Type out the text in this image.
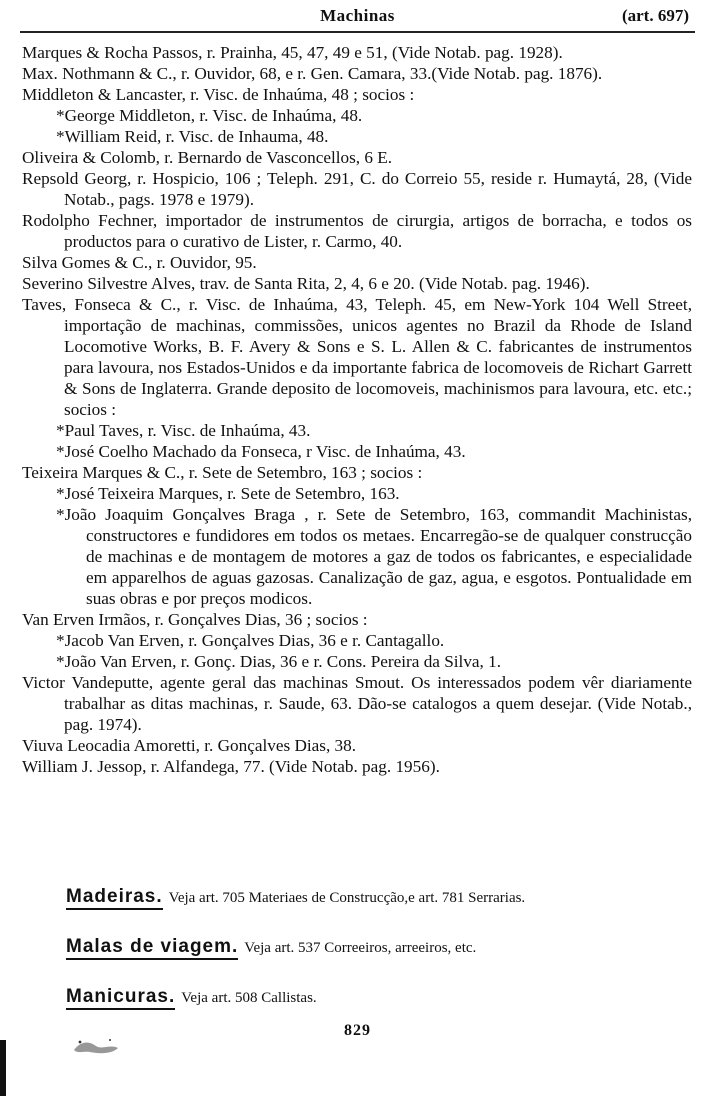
Machinas	(art. 697)

Marques & Rocha Passos, r. Prainha, 45, 47, 49 e 51, (Vide Notab. pag. 1928).

Max. Nothmann & C., r. Ouvidor, 68, e r. Gen. Camara, 33.(Vide Notab. pag. 1876).

Middleton & Lancaster, r. Visc. de Inhaúma, 48 ; socios :

*George Middleton, r. Visc. de Inhaúma, 48.

*William Reid, r. Visc. de Inhauma, 48.

Oliveira & Colomb, r. Bernardo de Vasconcellos, 6 E.

Repsold Georg, r. Hospicio, 106 ; Teleph. 291, C. do Correio 55, reside r. Humaytá, 28, (Vide Notab., pags. 1978 e 1979).

Rodolpho Fechner, importador de instrumentos de cirurgia, artigos de borracha, e todos os productos para o curativo de Lister, r. Carmo, 40.

Silva Gomes & C., r. Ouvidor, 95.

Severino Silvestre Alves, trav. de Santa Rita, 2, 4, 6 e 20. (Vide Notab. pag. 1946).

Taves, Fonseca & C., r. Visc. de Inhaúma, 43, Teleph. 45, em New-York 104 Well Street, importação de machinas, commissões, unicos agentes no Brazil da Rhode de Island Locomotive Works, B. F. Avery & Sons e S. L. Allen & C. fabricantes de instrumentos para lavoura, nos Estados-Unidos e da importante fabrica de locomoveis de Richart Garrett & Sons de Inglaterra. Grande deposito de locomoveis, machinismos para lavoura, etc. etc.; socios :

*Paul Taves, r. Visc. de Inhaúma, 43.

*José Coelho Machado da Fonseca, r Visc. de Inhaúma, 43.

Teixeira Marques & C., r. Sete de Setembro, 163 ; socios :

*José Teixeira Marques, r. Sete de Setembro, 163.

*João Joaquim Gonçalves Braga , r. Sete de Setembro, 163, commandit Machinistas, constructores e fundidores em todos os metaes. Encarregão-se de qualquer construcção de machinas e de montagem de motores a gaz de todos os fabricantes, e especialidade em apparelhos de aguas gazosas. Canalização de gaz, agua, e esgotos. Pontualidade em suas obras e por preços modicos.

Van Erven Irmãos, r. Gonçalves Dias, 36 ; socios :

*Jacob Van Erven, r. Gonçalves Dias, 36 e r. Cantagallo.

*João Van Erven, r. Gonç. Dias, 36 e r. Cons. Pereira da Silva, 1.

Victor Vandeputte, agente geral das machinas Smout. Os interessados podem vêr diariamente trabalhar as ditas machinas, r. Saude, 63. Dão-se catalogos a quem desejar. (Vide Notab., pag. 1974).

Viuva Leocadia Amoretti, r. Gonçalves Dias, 38.

William J. Jessop, r. Alfandega, 77. (Vide Notab. pag. 1956).

Madeiras. Veja art. 705 Materiaes de Construcção,e art. 781 Serrarias.
Malas de viagem. Veja art. 537 Correeiros, arreeiros, etc.
Manicuras. Veja art. 508 Callistas.
829
